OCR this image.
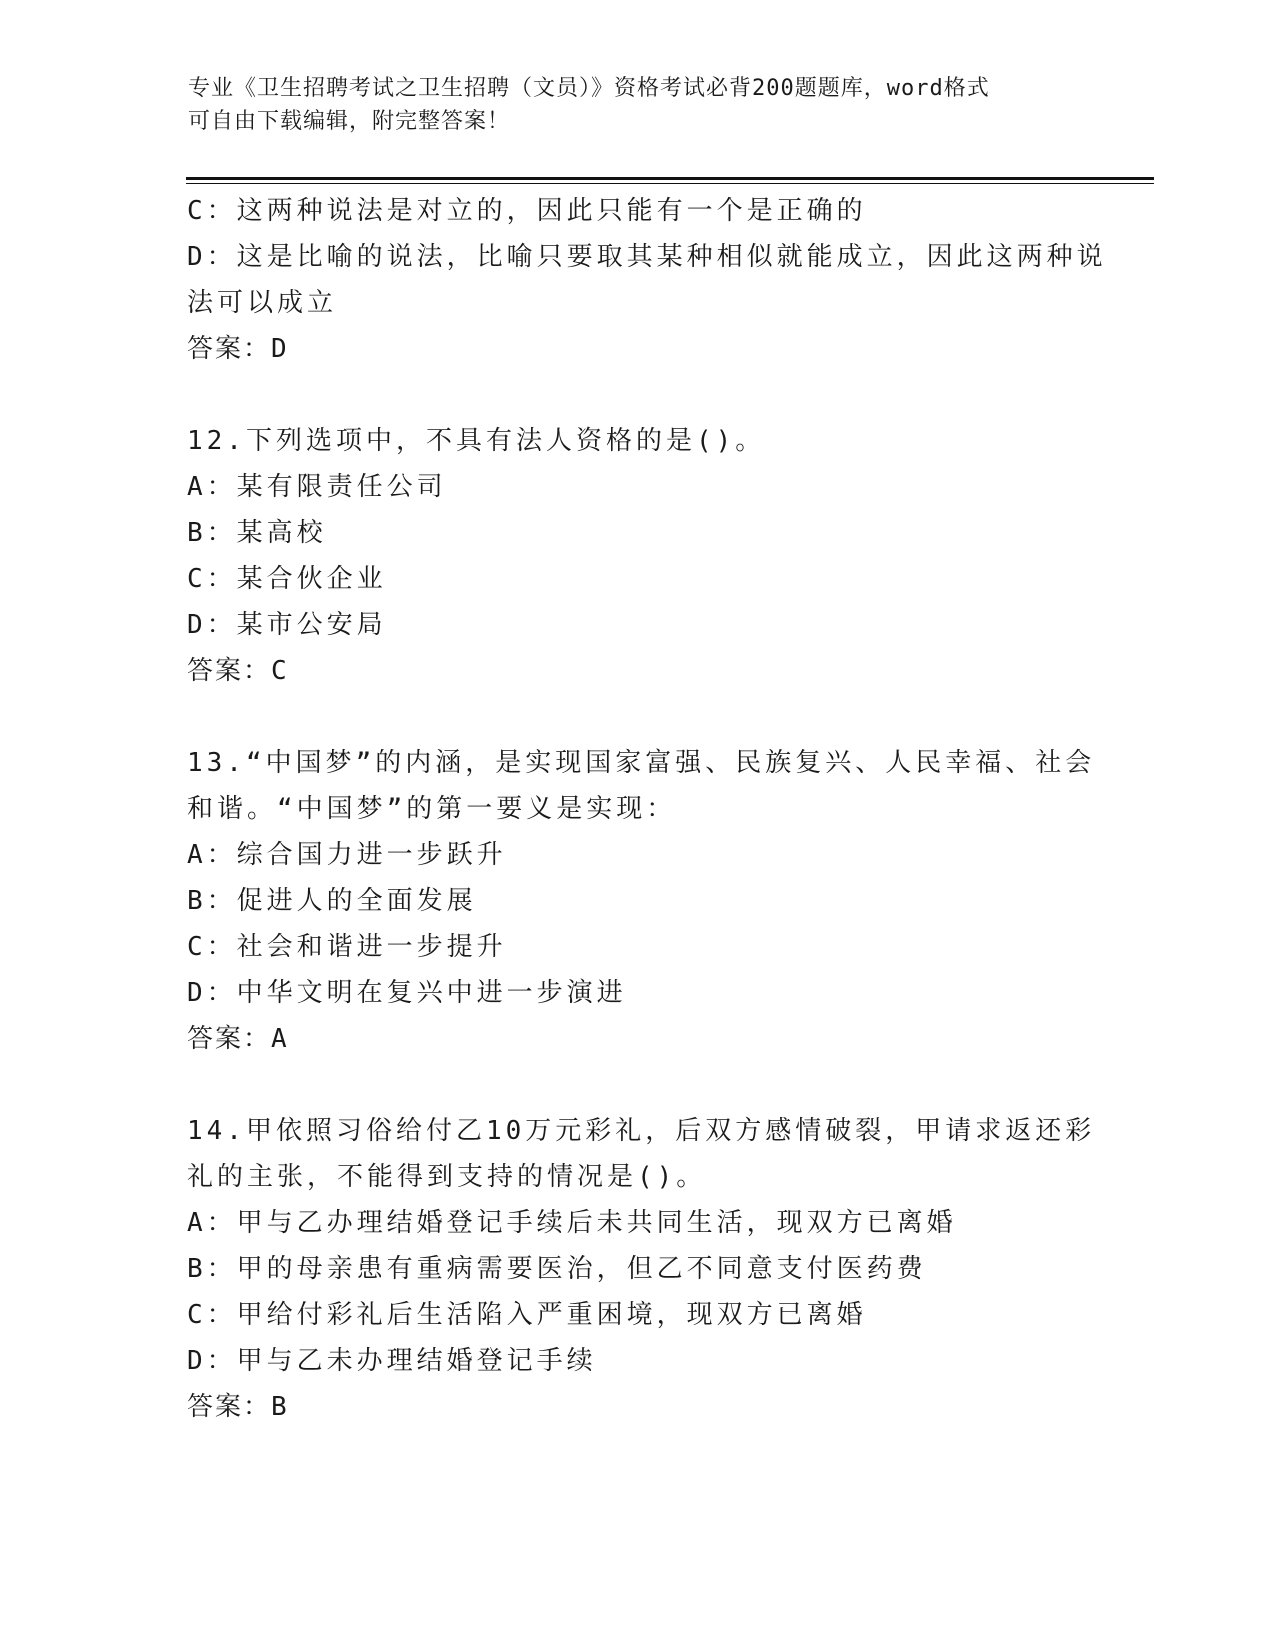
专业《卫生招聘考试之卫生招聘（文员）》资格考试必背200题题库，word格式
可自由下载编辑，附完整答案！

C：这两种说法是对立的，因此只能有一个是正确的

D：这是比喻的说法，比喻只要取其某种相似就能成立，因此这两种说

法可以成立

答案：D

12.下列选项中，不具有法人资格的是()。

A：某有限责任公司

B：某高校

C：某合伙企业

D：某市公安局

答案：C

13.“中国梦”的内涵，是实现国家富强、民族复兴、人民幸福、社会

和谐。“中国梦”的第一要义是实现：

A：综合国力进一步跃升

B：促进人的全面发展

C：社会和谐进一步提升

D：中华文明在复兴中进一步演进

答案：A

14.甲依照习俗给付乙10万元彩礼，后双方感情破裂，甲请求返还彩

礼的主张，不能得到支持的情况是()。

A：甲与乙办理结婚登记手续后未共同生活，现双方已离婚

B：甲的母亲患有重病需要医治，但乙不同意支付医药费

C：甲给付彩礼后生活陷入严重困境，现双方已离婚

D：甲与乙未办理结婚登记手续

答案：B
